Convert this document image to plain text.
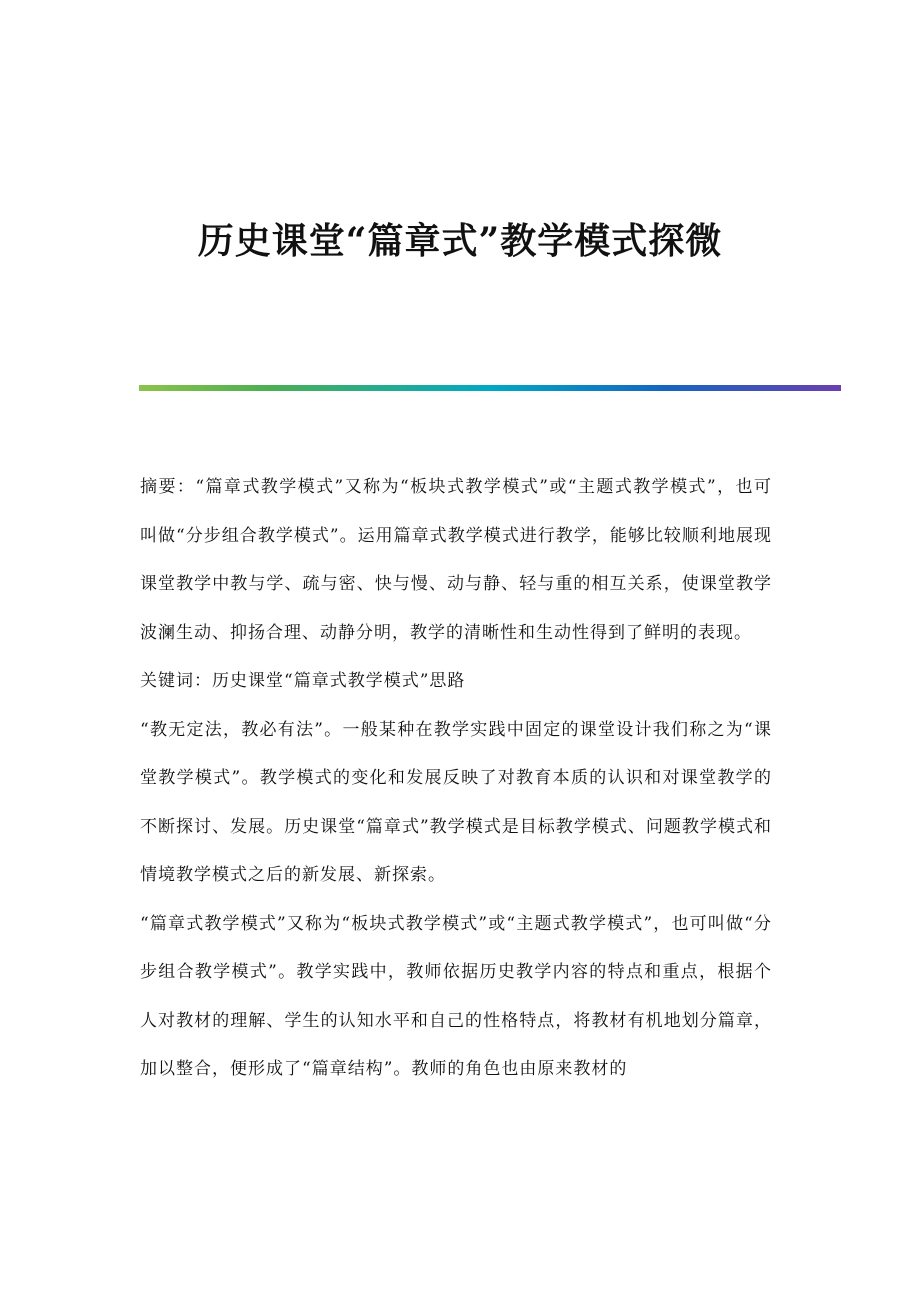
历史课堂“篇章式”教学模式探微

摘要：“篇章式教学模式”又称为“板块式教学模式”或“主题式教学模式”，也可叫做“分步组合教学模式”。运用篇章式教学模式进行教学，能够比较顺利地展现课堂教学中教与学、疏与密、快与慢、动与静、轻与重的相互关系，使课堂教学波澜生动、抑扬合理、动静分明，教学的清晰性和生动性得到了鲜明的表现。

关键词：历史课堂“篇章式教学模式”思路

“教无定法，教必有法”。一般某种在教学实践中固定的课堂设计我们称之为“课堂教学模式”。教学模式的变化和发展反映了对教育本质的认识和对课堂教学的不断探讨、发展。历史课堂“篇章式”教学模式是目标教学模式、问题教学模式和情境教学模式之后的新发展、新探索。

“篇章式教学模式”又称为“板块式教学模式”或“主题式教学模式”，也可叫做“分步组合教学模式”。教学实践中，教师依据历史教学内容的特点和重点，根据个人对教材的理解、学生的认知水平和自己的性格特点，将教材有机地划分篇章，加以整合，便形成了“篇章结构”。教师的角色也由原来教材的
